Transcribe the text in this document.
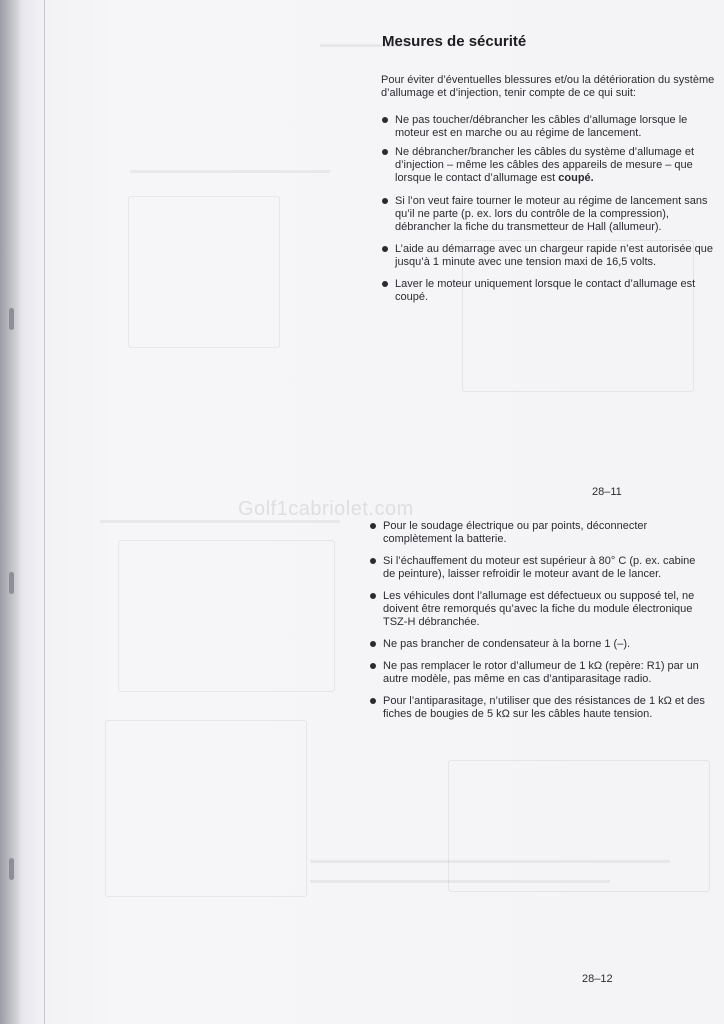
Golf1cabriolet.com
Mesures de sécurité

Pour éviter d’éventuelles blessures et/ou la détérioration du système d’allumage et d’injection, tenir compte de ce qui suit:

Ne pas toucher/débrancher les câbles d’allumage lorsque le moteur est en marche ou au régime de lancement.
Ne débrancher/brancher les câbles du système d’allumage et d’injection – même les câbles des appareils de mesure – que lorsque le contact d’allumage est coupé.
Si l’on veut faire tourner le moteur au régime de lancement sans qu’il ne parte (p. ex. lors du contrôle de la compression), débrancher la fiche du transmetteur de Hall (allumeur).
L’aide au démarrage avec un chargeur rapide n’est autorisée que jusqu’à 1 minute avec une tension maxi de 16,5 volts.
Laver le moteur uniquement lorsque le contact d’allumage est coupé.
28–11
Pour le soudage électrique ou par points, déconnecter complètement la batterie.
Si l’échauffement du moteur est supérieur à 80° C (p. ex. cabine de peinture), laisser refroidir le moteur avant de le lancer.
Les véhicules dont l’allumage est défectueux ou supposé tel, ne doivent être remorqués qu’avec la fiche du module électronique TSZ-H débranchée.
Ne pas brancher de condensateur à la borne 1 (–).
Ne pas remplacer le rotor d’allumeur de 1 kΩ (repère: R1) par un autre modèle, pas même en cas d’antiparasitage radio.
Pour l’antiparasitage, n’utiliser que des résistances de 1 kΩ et des fiches de bougies de 5 kΩ sur les câbles haute tension.
28–12
